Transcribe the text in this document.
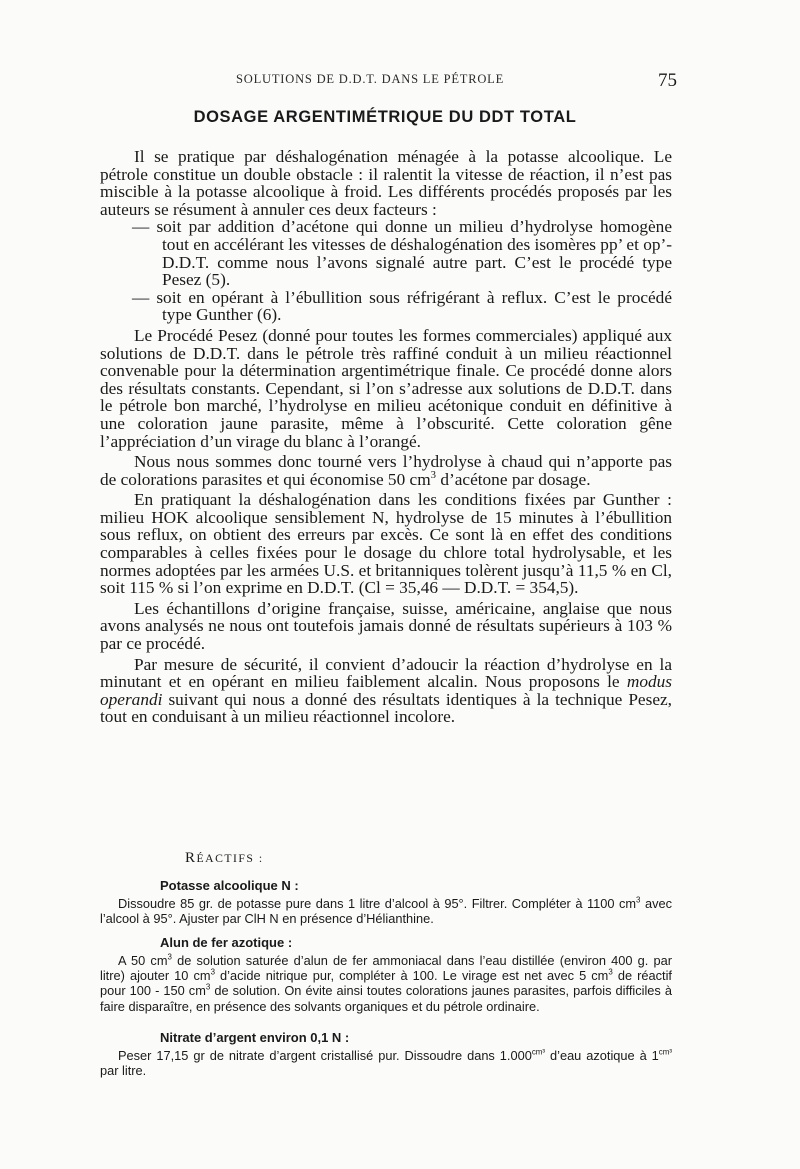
SOLUTIONS DE D.D.T. DANS LE PÉTROLE	75
DOSAGE ARGENTIMÉTRIQUE DU DDT TOTAL

Il se pratique par déshalogénation ménagée à la potasse alcoolique. Le pétrole constitue un double obstacle : il ralentit la vitesse de réaction, il n’est pas miscible à la potasse alcoolique à froid. Les différents procédés proposés par les auteurs se résument à annuler ces deux facteurs :

— soit par addition d’acétone qui donne un milieu d’hydrolyse homogène tout en accélérant les vitesses de déshalogénation des isomères pp’ et op’-D.D.T. comme nous l’avons signalé autre part. C’est le procédé type Pesez (5).

— soit en opérant à l’ébullition sous réfrigérant à reflux. C’est le procédé type Gunther (6).

Le Procédé Pesez (donné pour toutes les formes commerciales) appliqué aux solutions de D.D.T. dans le pétrole très raffiné conduit à un milieu réactionnel convenable pour la détermination argentimétrique finale. Ce procédé donne alors des résultats constants. Cependant, si l’on s’adresse aux solutions de D.D.T. dans le pétrole bon marché, l’hydrolyse en milieu acétonique conduit en définitive à une coloration jaune parasite, même à l’obscurité. Cette coloration gêne l’appréciation d’un virage du blanc à l’orangé.

Nous nous sommes donc tourné vers l’hydrolyse à chaud qui n’apporte pas de colorations parasites et qui économise 50 $cm^3$ d’acétone par dosage.

En pratiquant la déshalogénation dans les conditions fixées par Gunther : milieu HOK alcoolique sensiblement N, hydrolyse de 15 minutes à l’ébullition sous reflux, on obtient des erreurs par excès. Ce sont là en effet des conditions comparables à celles fixées pour le dosage du chlore total hydrolysable, et les normes adoptées par les armées U.S. et britanniques tolèrent jusqu’à 11,5 % en Cl, soit 115 % si l’on exprime en D.D.T. (Cl = 35,46 — D.D.T. = 354,5).

Les échantillons d’origine française, suisse, américaine, anglaise que nous avons analysés ne nous ont toutefois jamais donné de résultats supérieurs à 103 % par ce procédé.

Par mesure de sécurité, il convient d’adoucir la réaction d’hydrolyse en la minutant et en opérant en milieu faiblement alcalin. Nous proposons le modus operandi suivant qui nous a donné des résultats identiques à la technique Pesez, tout en conduisant à un milieu réactionnel incolore.

RÉACTIFS :
Potasse alcoolique N :

Dissoudre 85 gr. de potasse pure dans 1 litre d’alcool à 95°. Filtrer. Compléter à 1100 $cm^3$ avec l’alcool à 95°. Ajuster par ClH N en présence d’Hélianthine.

Alun de fer azotique :

A 50 $cm^3$ de solution saturée d’alun de fer ammoniacal dans l’eau distillée (environ 400 g. par litre) ajouter 10 $cm^3$ d’acide nitrique pur, compléter à 100. Le virage est net avec 5 $cm^3$ de réactif pour 100 - 150 $cm^3$ de solution. On évite ainsi toutes colorations jaunes parasites, parfois difficiles à faire disparaître, en présence des solvants organiques et du pétrole ordinaire.

Nitrate d’argent environ 0,1 N :

Peser 17,15 gr de nitrate d’argent cristallisé pur. Dissoudre dans $1.000^{cm^3}$ d’eau azotique à $1^{cm^3}$ par litre.
